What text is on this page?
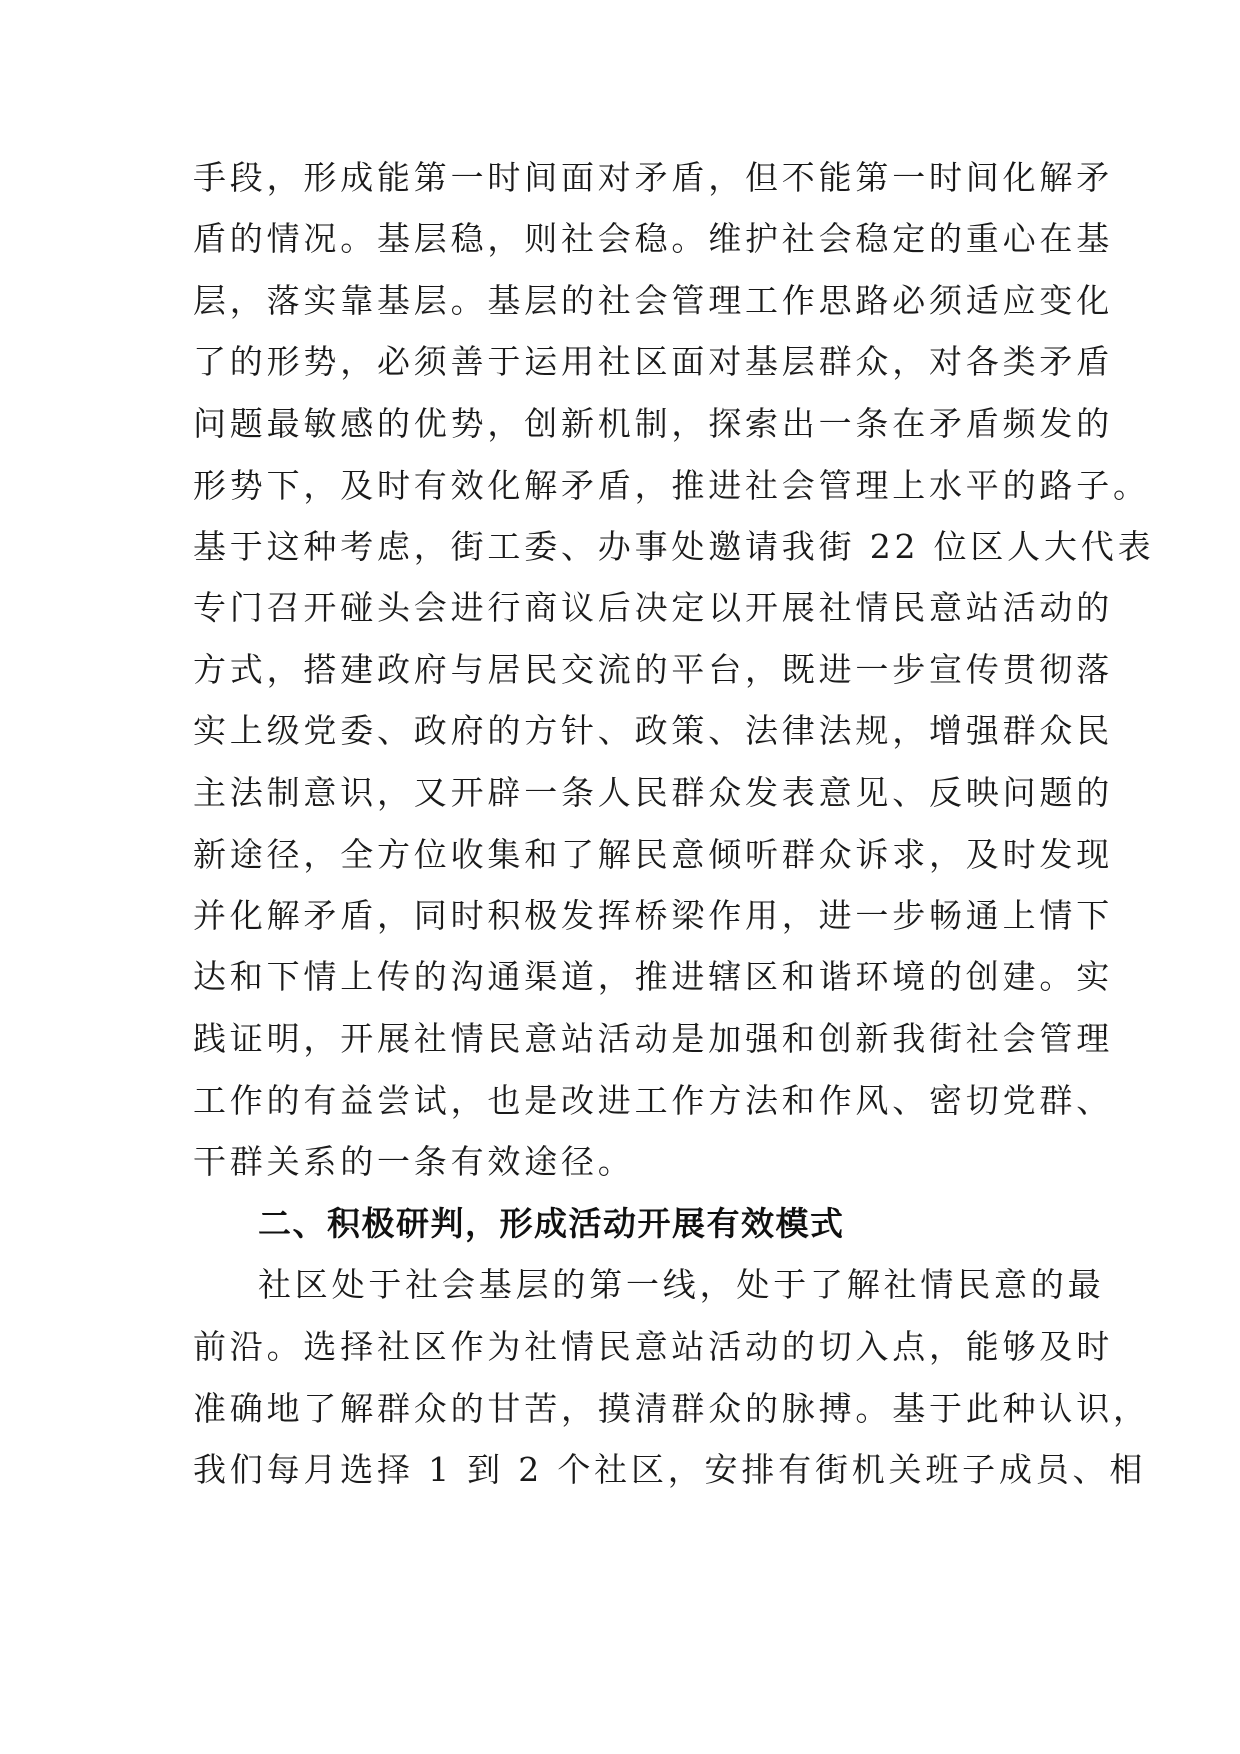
手段，形成能第一时间面对矛盾，但不能第一时间化解矛
盾的情况。基层稳，则社会稳。维护社会稳定的重心在基
层，落实靠基层。基层的社会管理工作思路必须适应变化
了的形势，必须善于运用社区面对基层群众，对各类矛盾
问题最敏感的优势，创新机制，探索出一条在矛盾频发的
形势下，及时有效化解矛盾，推进社会管理上水平的路子。
基于这种考虑，街工委、办事处邀请我街 22 位区人大代表
专门召开碰头会进行商议后决定以开展社情民意站活动的
方式，搭建政府与居民交流的平台，既进一步宣传贯彻落
实上级党委、政府的方针、政策、法律法规，增强群众民
主法制意识，又开辟一条人民群众发表意见、反映问题的
新途径，全方位收集和了解民意倾听群众诉求，及时发现
并化解矛盾，同时积极发挥桥梁作用，进一步畅通上情下
达和下情上传的沟通渠道，推进辖区和谐环境的创建。实
践证明，开展社情民意站活动是加强和创新我街社会管理
工作的有益尝试，也是改进工作方法和作风、密切党群、
干群关系的一条有效途径。
二、积极研判，形成活动开展有效模式
社区处于社会基层的第一线，处于了解社情民意的最
前沿。选择社区作为社情民意站活动的切入点，能够及时
准确地了解群众的甘苦，摸清群众的脉搏。基于此种认识，
我们每月选择 1 到 2 个社区，安排有街机关班子成员、相
